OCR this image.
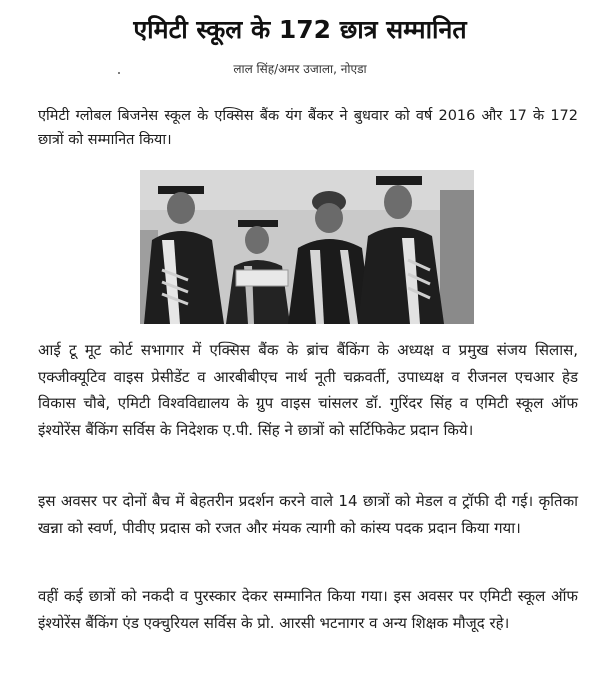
एमिटी स्कूल के 172 छात्र सम्मानित
लाल सिंह/अमर उजाला, नोएडा
एमिटी ग्लोबल बिजनेस स्कूल के एक्सिस बैंक यंग बैंकर ने बुधवार को वर्ष 2016 और 17 के 172 छात्रों को सम्मानित किया।
आई टू मूट कोर्ट सभागार में एक्सिस बैंक के ब्रांच बैंकिंग के अध्यक्ष व प्रमुख संजय सिलास, एक्जीक्यूटिव वाइस प्रेसीडेंट व आरबीबीएच नार्थ नूती चक्रवर्ती, उपाध्यक्ष व रीजनल एचआर हेड विकास चौबे, एमिटी विश्वविद्यालय के ग्रुप वाइस चांसलर डॉ. गुरिंदर सिंह व एमिटी स्कूल ऑफ इंश्योरेंस बैंकिंग सर्विस के निदेशक ए.पी. सिंह ने छात्रों को सर्टिफिकेट प्रदान किये।
इस अवसर पर दोनों बैच में बेहतरीन प्रदर्शन करने वाले 14 छात्रों को मेडल व ट्रॉफी दी गई। कृतिका खन्ना को स्वर्ण, पीवीए प्रदास को रजत और मंयक त्यागी को कांस्य पदक प्रदान किया गया।
वहीं कई छात्रों को नकदी व पुरस्कार देकर सम्मानित किया गया। इस अवसर पर एमिटी स्कूल ऑफ इंश्योरेंस बैंकिंग एंड एक्चुरियल सर्विस के प्रो. आरसी भटनागर व अन्य शिक्षक मौजूद रहे।
